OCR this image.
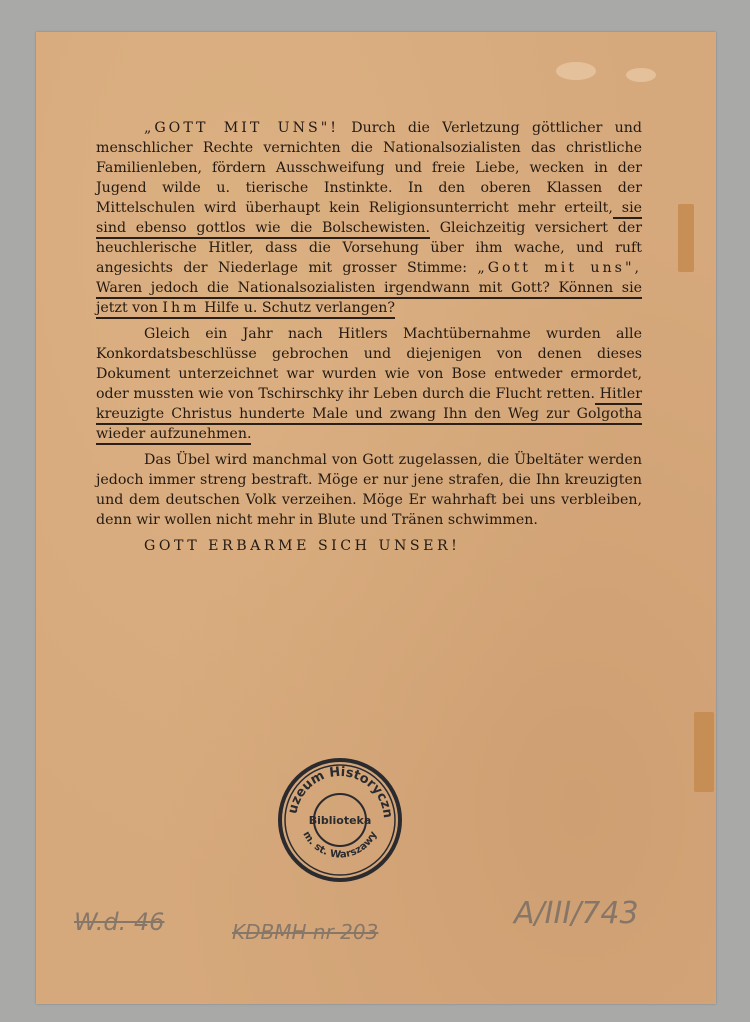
„GOTT MIT UNS"! Durch die Verletzung göttlicher und menschlicher Rechte vernichten die Nationalsozialisten das christliche Familienleben, fördern Ausschweifung und freie Liebe, wecken in der Jugend wilde u. tierische Instinkte. In den oberen Klassen der Mittelschulen wird überhaupt kein Religionsunterricht mehr erteilt, sie sind ebenso gottlos wie die Bolschewisten. Gleichzeitig versichert der heuchlerische Hitler, dass die Vorsehung über ihm wache, und ruft angesichts der Niederlage mit grosser Stimme: „Gott mit uns", Waren jedoch die Nationalsozialisten irgendwann mit Gott? Können sie jetzt von Ihm Hilfe u. Schutz verlangen?

Gleich ein Jahr nach Hitlers Machtübernahme wurden alle Konkordatsbeschlüsse gebrochen und diejenigen von denen dieses Dokument unterzeichnet war wurden wie von Bose entweder ermordet, oder mussten wie von Tschirschky ihr Leben durch die Flucht retten. Hitler kreuzigte Christus hunderte Male und zwang Ihn den Weg zur Golgotha wieder aufzunehmen.

Das Übel wird manchmal von Gott zugelassen, die Übeltäter werden jedoch immer streng bestraft. Möge er nur jene strafen, die Ihn kreuzigten und dem deutschen Volk verzeihen. Möge Er wahrhaft bei uns verbleiben, denn wir wollen nicht mehr in Blute und Tränen schwimmen.

GOTT ERBARME SICH UNSER!

uzeum Historyczn
Biblioteka
m. st. Warszawy
W.d. 46	KDBMH nr 203
A/III/743
